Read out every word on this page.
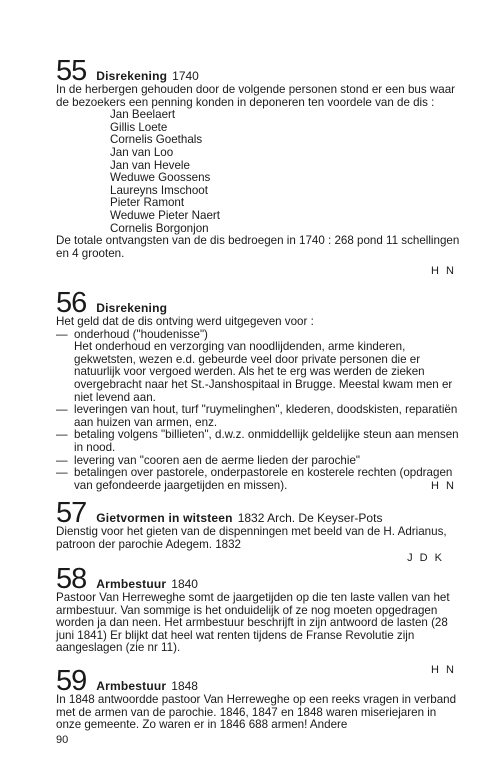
55 Disrekening 1740
In de herbergen gehouden door de volgende personen stond er een bus waar de bezoekers een penning konden in deponeren ten voordele van de dis :
Jan Beelaert
Gillis Loete
Cornelis Goethals
Jan van Loo
Jan van Hevele
Weduwe Goossens
Laureyns Imschoot
Pieter Ramont
Weduwe Pieter Naert
Cornelis Borgonjon
De totale ontvangsten van de dis bedroegen in 1740 : 268 pond 11 schellingen en 4 grooten.
H N
56 Disrekening
Het geld dat de dis ontving werd uitgegeven voor :
— onderhoud ("houdenisse")
Het onderhoud en verzorging van noodlijdenden, arme kinderen, gekwetsten, wezen e.d. gebeurde veel door private personen die er natuurlijk voor vergoed werden. Als het te erg was werden de zieken overgebracht naar het St.-Janshospitaal in Brugge. Meestal kwam men er niet levend aan.
— leveringen van hout, turf "ruymelinghen", klederen, doodskisten, reparatiën aan huizen van armen, enz.
— betaling volgens "billieten", d.w.z. onmiddellijk geldelijke steun aan mensen in nood.
— levering van "cooren aen de aerme lieden der parochie"
— betalingen over pastorele, onderpastorele en kosterele rechten (opdragen van gefondeerde jaargetijden en missen).	H N
57 Gietvormen in witsteen 1832 Arch. De Keyser-Pots
Dienstig voor het gieten van de dispenningen met beeld van de H. Adrianus, patroon der parochie Adegem. 1832
J D K
58 Armbestuur 1840
Pastoor Van Herreweghe somt de jaargetijden op die ten laste vallen van het armbestuur. Van sommige is het onduidelijk of ze nog moeten opgedragen worden ja dan neen. Het armbestuur beschrijft in zijn antwoord de lasten (28 juni 1841) Er blijkt dat heel wat renten tijdens de Franse Revolutie zijn aangeslagen (zie nr 11).
H N
59 Armbestuur 1848
In 1848 antwoordde pastoor Van Herreweghe op een reeks vragen in verband met de armen van de parochie. 1846, 1847 en 1848 waren miseriejaren in onze gemeente. Zo waren er in 1846 688 armen! Andere
90
